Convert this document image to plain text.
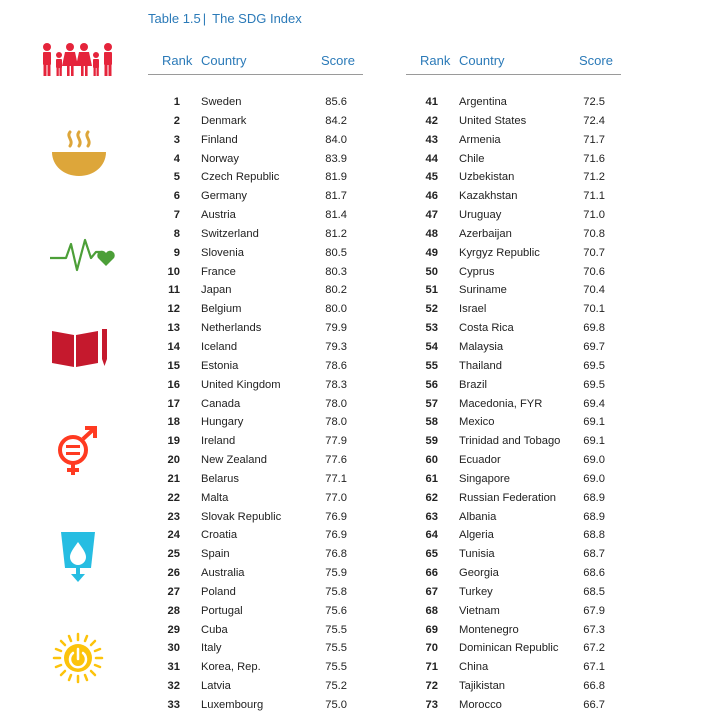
Table 1.5 | The SDG Index
Rank Country	Score
1 Sweden	85.6
2 Denmark	84.2
3 Finland	84.0
4 Norway	83.9
5 Czech Republic	81.9
6 Germany	81.7
7 Austria	81.4
8 Switzerland	81.2
9 Slovenia	80.5
10 France	80.3
11 Japan	80.2
12 Belgium	80.0
13 Netherlands	79.9
14 Iceland	79.3
15 Estonia	78.6
16 United Kingdom	78.3
17 Canada	78.0
18 Hungary	78.0
19 Ireland	77.9
20 New Zealand	77.6
21 Belarus	77.1
22 Malta	77.0
23 Slovak Republic	76.9
24 Croatia	76.9
25 Spain	76.8
26 Australia	75.9
27 Poland	75.8
28 Portugal	75.6
29 Cuba	75.5
30 Italy	75.5
31 Korea, Rep.	75.5
32 Latvia	75.2
33 Luxembourg	75.0
Rank Country	Score
41 Argentina	72.5
42 United States	72.4
43 Armenia	71.7
44 Chile	71.6
45 Uzbekistan	71.2
46 Kazakhstan	71.1
47 Uruguay	71.0
48 Azerbaijan	70.8
49 Kyrgyz Republic	70.7
50 Cyprus	70.6
51 Suriname	70.4
52 Israel	70.1
53 Costa Rica	69.8
54 Malaysia	69.7
55 Thailand	69.5
56 Brazil	69.5
57 Macedonia, FYR	69.4
58 Mexico	69.1
59 Trinidad and Tobago 69.1
60 Ecuador	69.0
61 Singapore	69.0
62 Russian Federation 68.9
63 Albania	68.9
64 Algeria	68.8
65 Tunisia	68.7
66 Georgia	68.6
67 Turkey	68.5
68 Vietnam	67.9
69 Montenegro	67.3
70 Dominican Republic 67.2
71 China	67.1
72 Tajikistan	66.8
73 Morocco	66.7
